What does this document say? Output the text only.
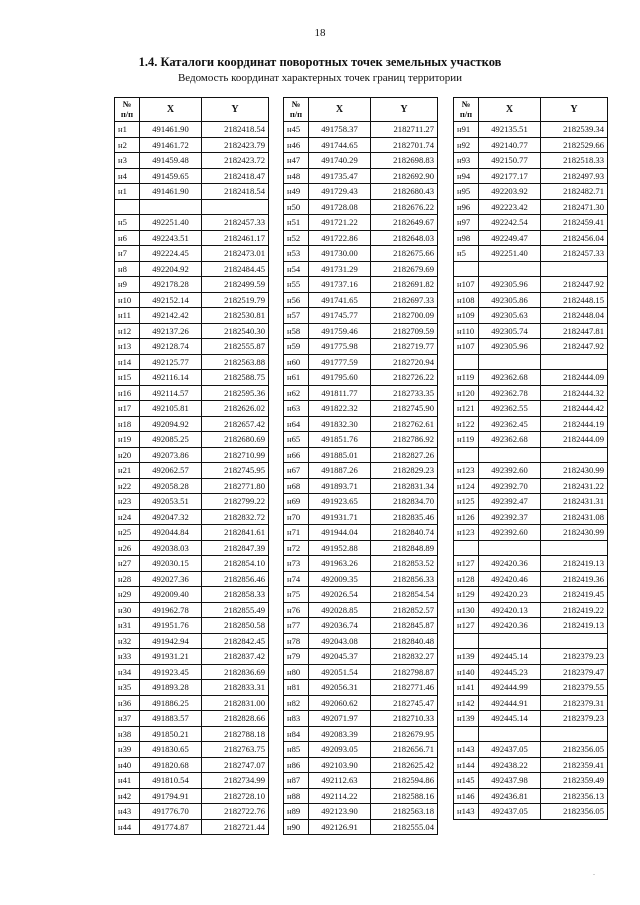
18
1.4. Каталоги координат поворотных точек земельных участков
Ведомость координат характерных точек границ территории
№
п/п	X	Y
н1	491461.90	2182418.54
н2	491461.72	2182423.79
н3	491459.48	2182423.72
н4	491459.65	2182418.47
н1	491461.90	2182418.54

н5	492251.40	2182457.33
н6	492243.51	2182461.17
н7	492224.45	2182473.01
н8	492204.92	2182484.45
н9	492178.28	2182499.59
н10	492152.14	2182519.79
н11	492142.42	2182530.81
н12	492137.26	2182540.30
н13	492128.74	2182555.87
н14	492125.77	2182563.88
н15	492116.14	2182588.75
н16	492114.57	2182595.36
н17	492105.81	2182626.02
н18	492094.92	2182657.42
н19	492085.25	2182680.69
н20	492073.86	2182710.99
н21	492062.57	2182745.95
н22	492058.28	2182771.80
н23	492053.51	2182799.22
н24	492047.32	2182832.72
н25	492044.84	2182841.61
н26	492038.03	2182847.39
н27	492030.15	2182854.10
н28	492027.36	2182856.46
н29	492009.40	2182858.33
н30	491962.78	2182855.49
н31	491951.76	2182850.58
н32	491942.94	2182842.45
н33	491931.21	2182837.42
н34	491923.45	2182836.69
н35	491893.28	2182833.31
н36	491886.25	2182831.00
н37	491883.57	2182828.66
н38	491850.21	2182788.18
н39	491830.65	2182763.75
н40	491820.68	2182747.07
н41	491810.54	2182734.99
н42	491794.91	2182728.10
н43	491776.70	2182722.76
н44	491774.87	2182721.44
№
п/п	X	Y
н45	491758.37	2182711.27
н46	491744.65	2182701.74
н47	491740.29	2182698.83
н48	491735.47	2182692.90
н49	491729.43	2182680.43
н50	491728.08	2182676.22
н51	491721.22	2182649.67
н52	491722.86	2182648.03
н53	491730.00	2182675.66
н54	491731.29	2182679.69
н55	491737.16	2182691.82
н56	491741.65	2182697.33
н57	491745.77	2182700.09
н58	491759.46	2182709.59
н59	491775.98	2182719.77
н60	491777.59	2182720.94
н61	491795.60	2182726.22
н62	491811.77	2182733.35
н63	491822.32	2182745.90
н64	491832.30	2182762.61
н65	491851.76	2182786.92
н66	491885.01	2182827.26
н67	491887.26	2182829.23
н68	491893.71	2182831.34
н69	491923.65	2182834.70
н70	491931.71	2182835.46
н71	491944.04	2182840.74
н72	491952.88	2182848.89
н73	491963.26	2182853.52
н74	492009.35	2182856.33
н75	492026.54	2182854.54
н76	492028.85	2182852.57
н77	492036.74	2182845.87
н78	492043.08	2182840.48
н79	492045.37	2182832.27
н80	492051.54	2182798.87
н81	492056.31	2182771.46
н82	492060.62	2182745.47
н83	492071.97	2182710.33
н84	492083.39	2182679.95
н85	492093.05	2182656.71
н86	492103.90	2182625.42
н87	492112.63	2182594.86
н88	492114.22	2182588.16
н89	492123.90	2182563.18
н90	492126.91	2182555.04
№
п/п	X	Y
н91	492135.51	2182539.34
н92	492140.77	2182529.66
н93	492150.77	2182518.33
н94	492177.17	2182497.93
н95	492203.92	2182482.71
н96	492223.42	2182471.30
н97	492242.54	2182459.41
н98	492249.47	2182456.04
н5	492251.40	2182457.33

н107	492305.96	2182447.92
н108	492305.86	2182448.15
н109	492305.63	2182448.04
н110	492305.74	2182447.81
н107	492305.96	2182447.92

н119	492362.68	2182444.09
н120	492362.78	2182444.32
н121	492362.55	2182444.42
н122	492362.45	2182444.19
н119	492362.68	2182444.09

н123	492392.60	2182430.99
н124	492392.70	2182431.22
н125	492392.47	2182431.31
н126	492392.37	2182431.08
н123	492392.60	2182430.99

н127	492420.36	2182419.13
н128	492420.46	2182419.36
н129	492420.23	2182419.45
н130	492420.13	2182419.22
н127	492420.36	2182419.13

н139	492445.14	2182379.23
н140	492445.23	2182379.47
н141	492444.99	2182379.55
н142	492444.91	2182379.31
н139	492445.14	2182379.23

н143	492437.05	2182356.05
н144	492438.22	2182359.41
н145	492437.98	2182359.49
н146	492436.81	2182356.13
н143	492437.05	2182356.05
.
